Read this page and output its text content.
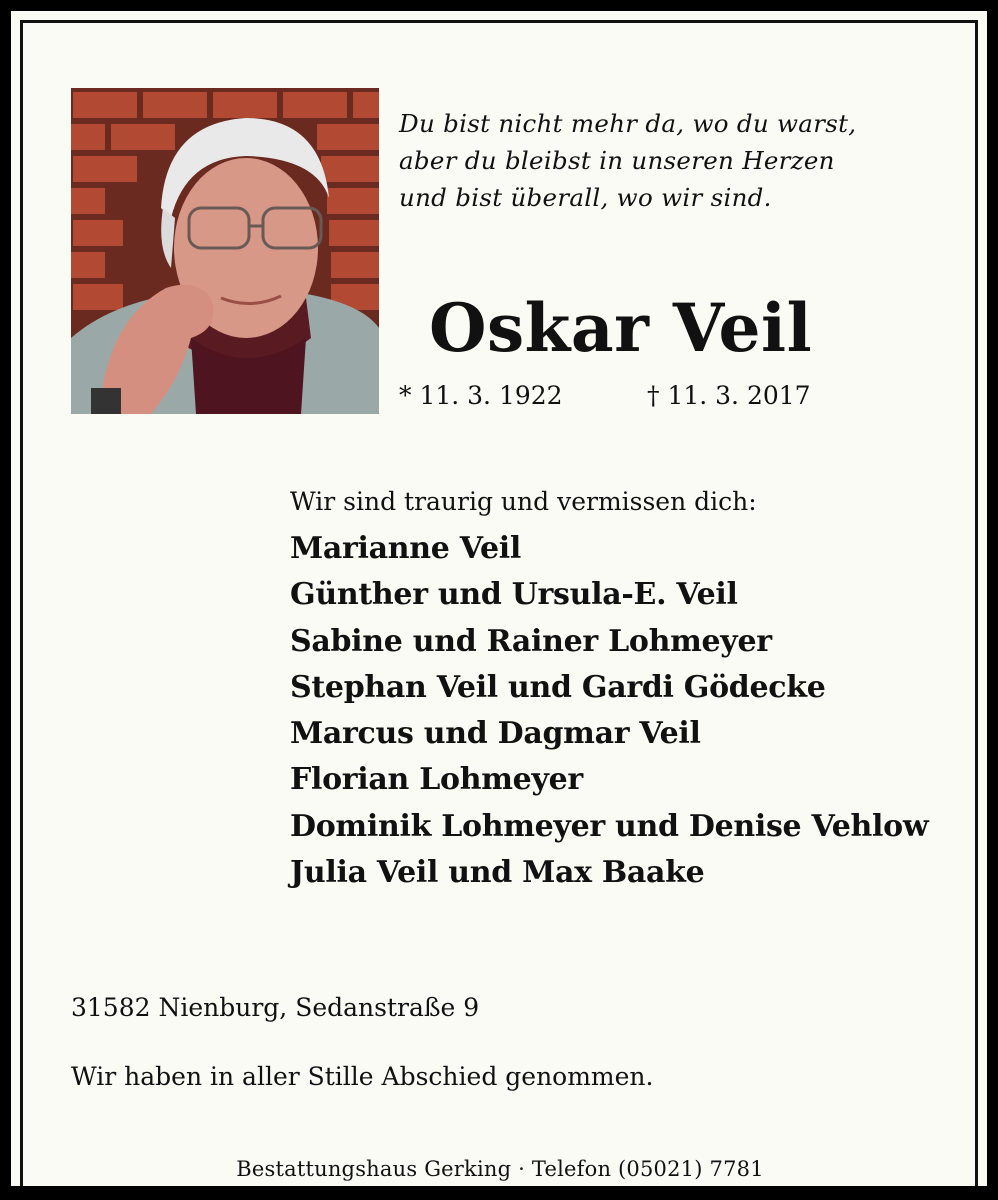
Du bist nicht mehr da, wo du warst,
aber du bleibst in unseren Herzen
und bist überall, wo wir sind.
Oskar Veil
* 11. 3. 1922	† 11. 3. 2017
Wir sind traurig und vermissen dich:
Marianne Veil
Günther und Ursula-E. Veil
Sabine und Rainer Lohmeyer
Stephan Veil und Gardi Gödecke
Marcus und Dagmar Veil
Florian Lohmeyer
Dominik Lohmeyer und Denise Vehlow
Julia Veil und Max Baake
31582 Nienburg, Sedanstraße 9
Wir haben in aller Stille Abschied genommen.
Bestattungshaus Gerking · Telefon (05021) 7781
